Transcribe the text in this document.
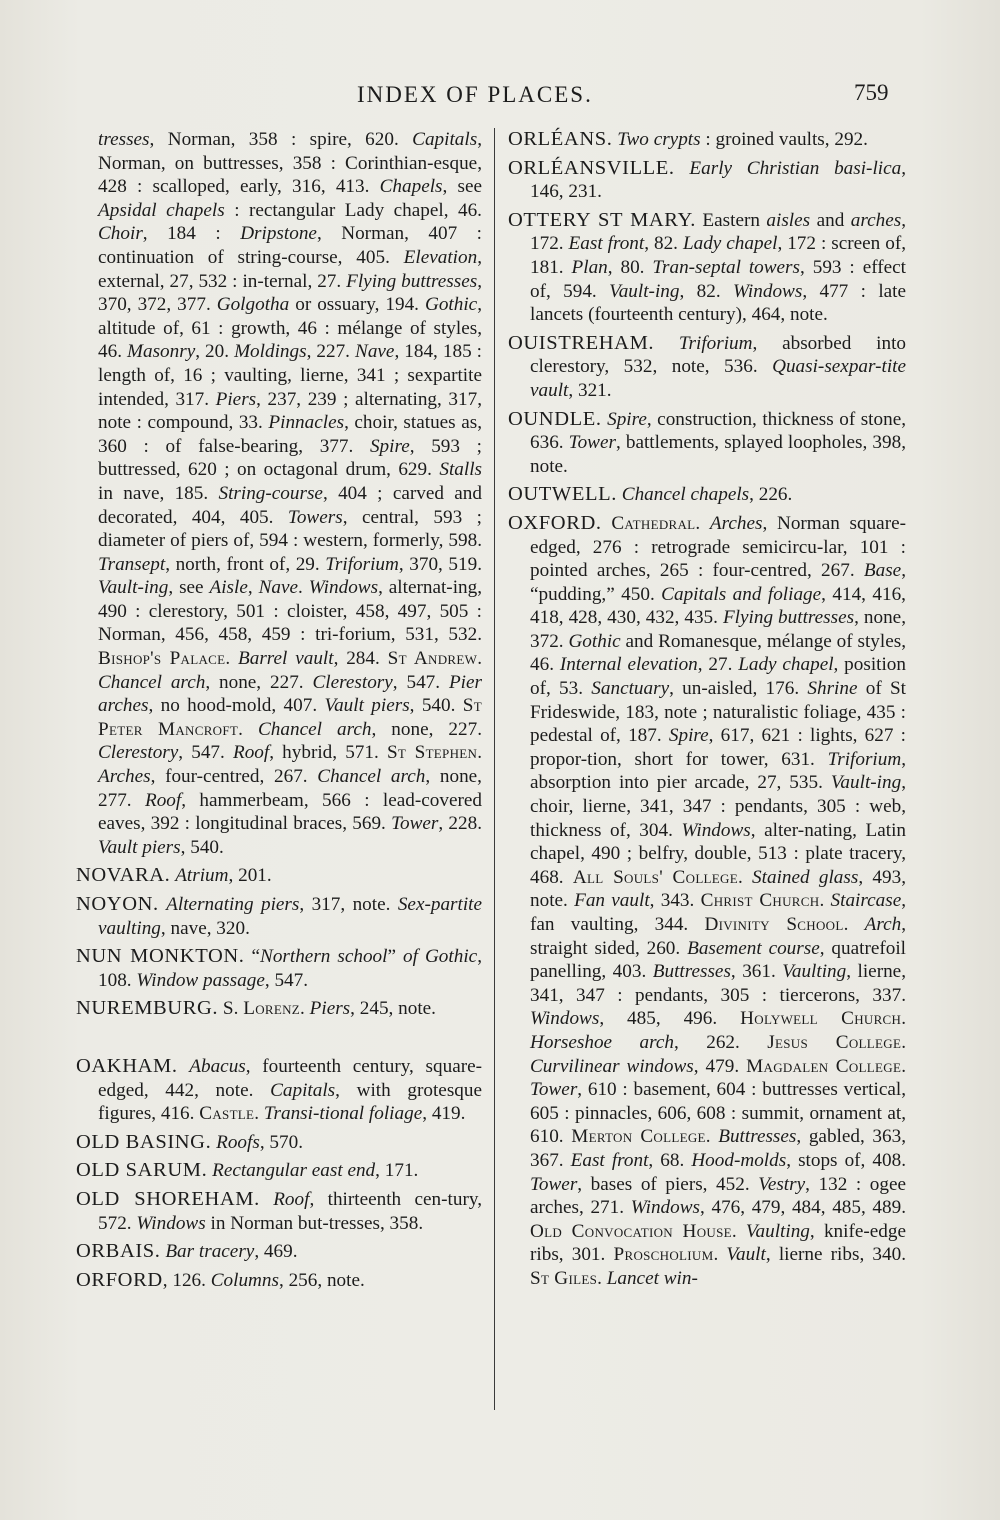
INDEX OF PLACES.	759

tresses, Norman, 358 : spire, 620. Capitals, Norman, on buttresses, 358 : Corinthian-esque, 428 : scalloped, early, 316, 413. Chapels, see Apsidal chapels : rectangular Lady chapel, 46. Choir, 184 : Dripstone, Norman, 407 : continuation of string-course, 405. Elevation, external, 27, 532 : in-ternal, 27. Flying buttresses, 370, 372, 377. Golgotha or ossuary, 194. Gothic, altitude of, 61 : growth, 46 : mélange of styles, 46. Masonry, 20. Moldings, 227. Nave, 184, 185 : length of, 16 ; vaulting, lierne, 341 ; sexpartite intended, 317. Piers, 237, 239 ; alternating, 317, note : compound, 33. Pinnacles, choir, statues as, 360 : of false-bearing, 377. Spire, 593 ; buttressed, 620 ; on octagonal drum, 629. Stalls in nave, 185. String-course, 404 ; carved and decorated, 404, 405. Towers, central, 593 ; diameter of piers of, 594 : western, formerly, 598. Transept, north, front of, 29. Triforium, 370, 519. Vault-ing, see Aisle, Nave. Windows, alternat-ing, 490 : clerestory, 501 : cloister, 458, 497, 505 : Norman, 456, 458, 459 : tri-forium, 531, 532. Bishop's Palace. Barrel vault, 284. St Andrew. Chancel arch, none, 227. Clerestory, 547. Pier arches, no hood-mold, 407. Vault piers, 540. St Peter Mancroft. Chancel arch, none, 227. Clerestory, 547. Roof, hybrid, 571. St Stephen. Arches, four-centred, 267. Chancel arch, none, 277. Roof, hammerbeam, 566 : lead-covered eaves, 392 : longitudinal braces, 569. Tower, 228. Vault piers, 540.

NOVARA. Atrium, 201.

NOYON. Alternating piers, 317, note. Sex-partite vaulting, nave, 320.

NUN MONKTON. “Northern school” of Gothic, 108. Window passage, 547.

NUREMBURG. S. Lorenz. Piers, 245, note.

OAKHAM. Abacus, fourteenth century, square-edged, 442, note. Capitals, with grotesque figures, 416. Castle. Transi-tional foliage, 419.

OLD BASING. Roofs, 570.

OLD SARUM. Rectangular east end, 171.

OLD SHOREHAM. Roof, thirteenth cen-tury, 572. Windows in Norman but-tresses, 358.

ORBAIS. Bar tracery, 469.

ORFORD, 126. Columns, 256, note.

ORLÉANS. Two crypts : groined vaults, 292.

ORLÉANSVILLE. Early Christian basi-lica, 146, 231.

OTTERY ST MARY. Eastern aisles and arches, 172. East front, 82. Lady chapel, 172 : screen of, 181. Plan, 80. Tran-septal towers, 593 : effect of, 594. Vault-ing, 82. Windows, 477 : late lancets (fourteenth century), 464, note.

OUISTREHAM. Triforium, absorbed into clerestory, 532, note, 536. Quasi-sexpar-tite vault, 321.

OUNDLE. Spire, construction, thickness of stone, 636. Tower, battlements, splayed loopholes, 398, note.

OUTWELL. Chancel chapels, 226.

OXFORD. Cathedral. Arches, Norman square-edged, 276 : retrograde semicircu-lar, 101 : pointed arches, 265 : four-centred, 267. Base, “pudding,” 450. Capitals and foliage, 414, 416, 418, 428, 430, 432, 435. Flying buttresses, none, 372. Gothic and Romanesque, mélange of styles, 46. Internal elevation, 27. Lady chapel, position of, 53. Sanctuary, un-aisled, 176. Shrine of St Frideswide, 183, note ; naturalistic foliage, 435 : pedestal of, 187. Spire, 617, 621 : lights, 627 : propor-tion, short for tower, 631. Triforium, absorption into pier arcade, 27, 535. Vault-ing, choir, lierne, 341, 347 : pendants, 305 : web, thickness of, 304. Windows, alter-nating, Latin chapel, 490 ; belfry, double, 513 : plate tracery, 468. All Souls' College. Stained glass, 493, note. Fan vault, 343. Christ Church. Staircase, fan vaulting, 344. Divinity School. Arch, straight sided, 260. Basement course, quatrefoil panelling, 403. Buttresses, 361. Vaulting, lierne, 341, 347 : pendants, 305 : tiercerons, 337. Windows, 485, 496. Holywell Church. Horseshoe arch, 262. Jesus College. Curvilinear windows, 479. Magdalen College. Tower, 610 : basement, 604 : buttresses vertical, 605 : pinnacles, 606, 608 : summit, ornament at, 610. Merton College. Buttresses, gabled, 363, 367. East front, 68. Hood-molds, stops of, 408. Tower, bases of piers, 452. Vestry, 132 : ogee arches, 271. Windows, 476, 479, 484, 485, 489. Old Convocation House. Vaulting, knife-edge ribs, 301. Proscholium. Vault, lierne ribs, 340. St Giles. Lancet win-
